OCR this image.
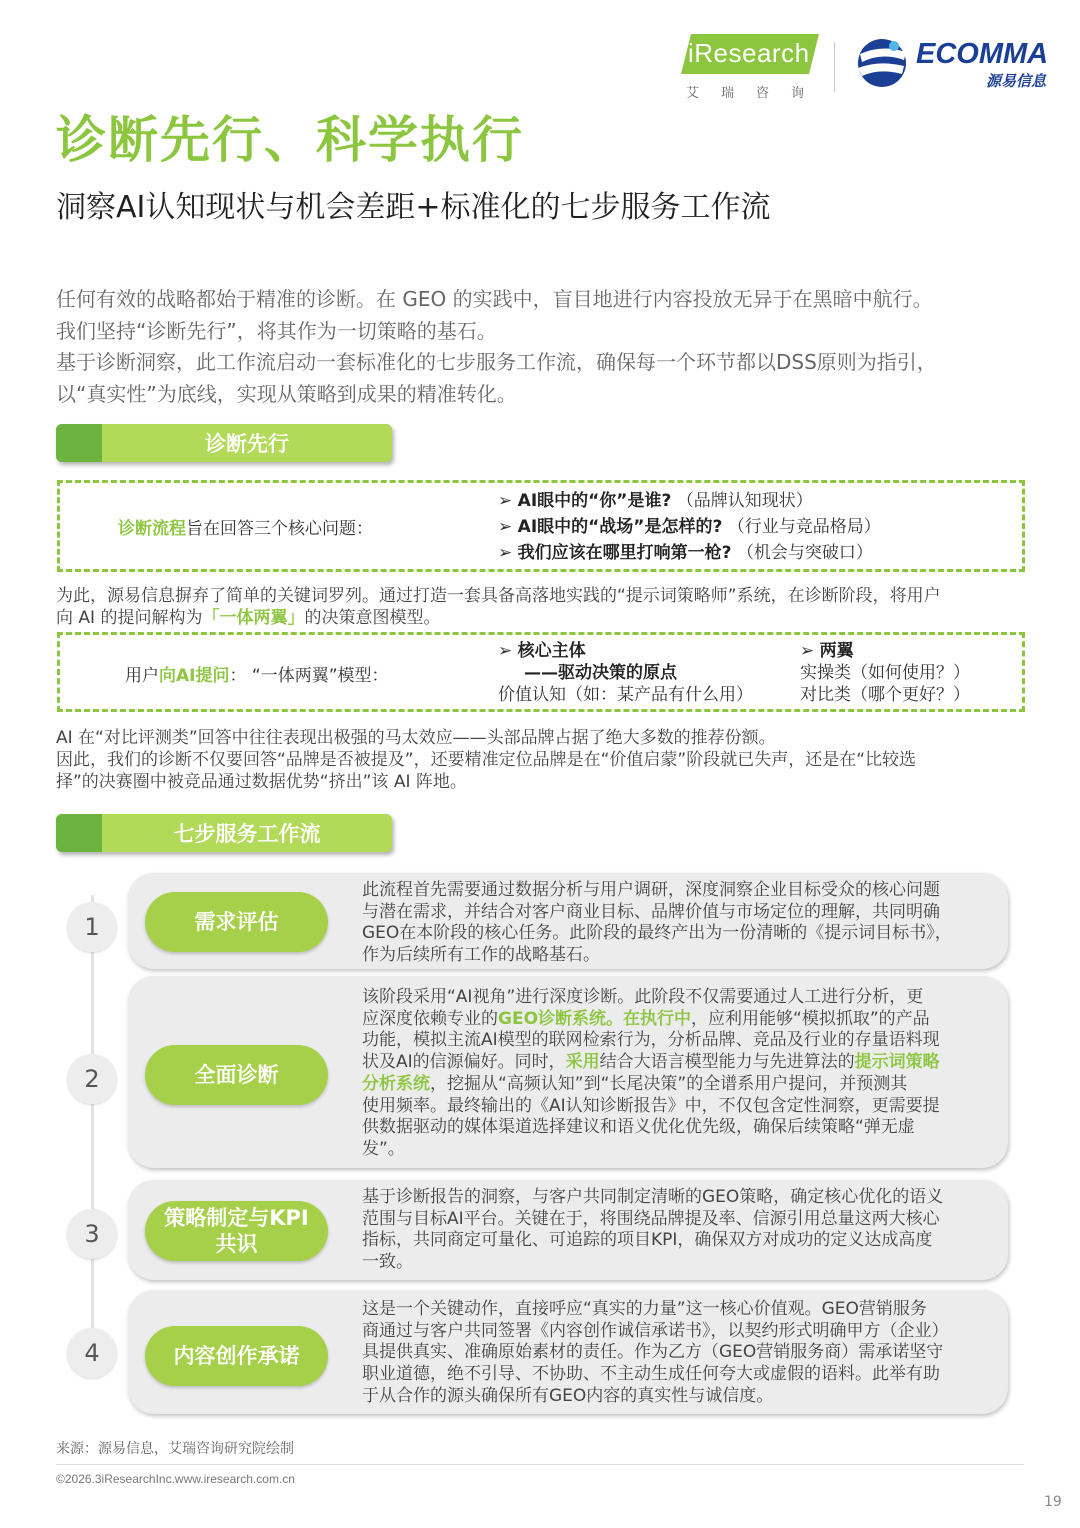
iResearch
艾瑞咨询
ECOMMA
源易信息
诊断先行、科学执行
洞察AI认知现状与机会差距+标准化的七步服务工作流

任何有效的战略都始于精准的诊断。在 GEO 的实践中，盲目地进行内容投放无异于在黑暗中航行。

我们坚持“诊断先行”，将其作为一切策略的基石。

基于诊断洞察，此工作流启动一套标准化的七步服务工作流，确保每一个环节都以DSS原则为指引，

以“真实性”为底线，实现从策略到成果的精准转化。

诊断先行
诊断流程旨在回答三个核心问题：
➢ AI眼中的“你”是谁? （品牌认知现状）
➢ AI眼中的“战场”是怎样的? （行业与竞品格局）
➢ 我们应该在哪里打响第一枪? （机会与突破口）
为此，源易信息摒弃了简单的关键词罗列。通过打造一套具备高落地实践的“提示词策略师”系统，在诊断阶段，将用户
向 AI 的提问解构为「一体两翼」的决策意图模型。
用户向AI提问： “一体两翼”模型：
➢ 核心主体
——驱动决策的原点
价值认知（如：某产品有什么用）
➢ 两翼
实操类（如何使用？）
对比类（哪个更好？）
AI 在“对比评测类”回答中往往表现出极强的马太效应——头部品牌占据了绝大多数的推荐份额。
因此，我们的诊断不仅要回答“品牌是否被提及”，还要精准定位品牌是在“价值启蒙”阶段就已失声，还是在“比较选
择”的决赛圈中被竞品通过数据优势“挤出”该 AI 阵地。
七步服务工作流
1	需求评估

此流程首先需要通过数据分析与用户调研，深度洞察企业目标受众的核心问题

与潜在需求，并结合对客户商业目标、品牌价值与市场定位的理解，共同明确

GEO在本阶段的核心任务。此阶段的最终产出为一份清晰的《提示词目标书》，

作为后续所有工作的战略基石。

2	全面诊断

该阶段采用“AI视角”进行深度诊断。此阶段不仅需要通过人工进行分析，更

应深度依赖专业的GEO诊断系统。在执行中，应利用能够“模拟抓取”的产品

功能，模拟主流AI模型的联网检索行为，分析品牌、竞品及行业的存量语料现

状及AI的信源偏好。同时，采用结合大语言模型能力与先进算法的提示词策略

分析系统，挖掘从“高频认知”到“长尾决策”的全谱系用户提问，并预测其

使用频率。最终输出的《AI认知诊断报告》中，不仅包含定性洞察，更需要提

供数据驱动的媒体渠道选择建议和语义优化优先级，确保后续策略“弹无虚

发”。

3
策略制定与KPI
共识

基于诊断报告的洞察，与客户共同制定清晰的GEO策略，确定核心优化的语义

范围与目标AI平台。关键在于，将围绕品牌提及率、信源引用总量这两大核心

指标，共同商定可量化、可追踪的项目KPI，确保双方对成功的定义达成高度

一致。

4	内容创作承诺

这是一个关键动作，直接呼应“真实的力量”这一核心价值观。GEO营销服务

商通过与客户共同签署《内容创作诚信承诺书》，以契约形式明确甲方（企业）

具提供真实、准确原始素材的责任。作为乙方（GEO营销服务商）需承诺坚守

职业道德，绝不引导、不协助、不主动生成任何夸大或虚假的语料。此举有助

于从合作的源头确保所有GEO内容的真实性与诚信度。

来源：源易信息，艾瑞咨询研究院绘制
©2026.3iResearchInc.www.iresearch.com.cn
19
